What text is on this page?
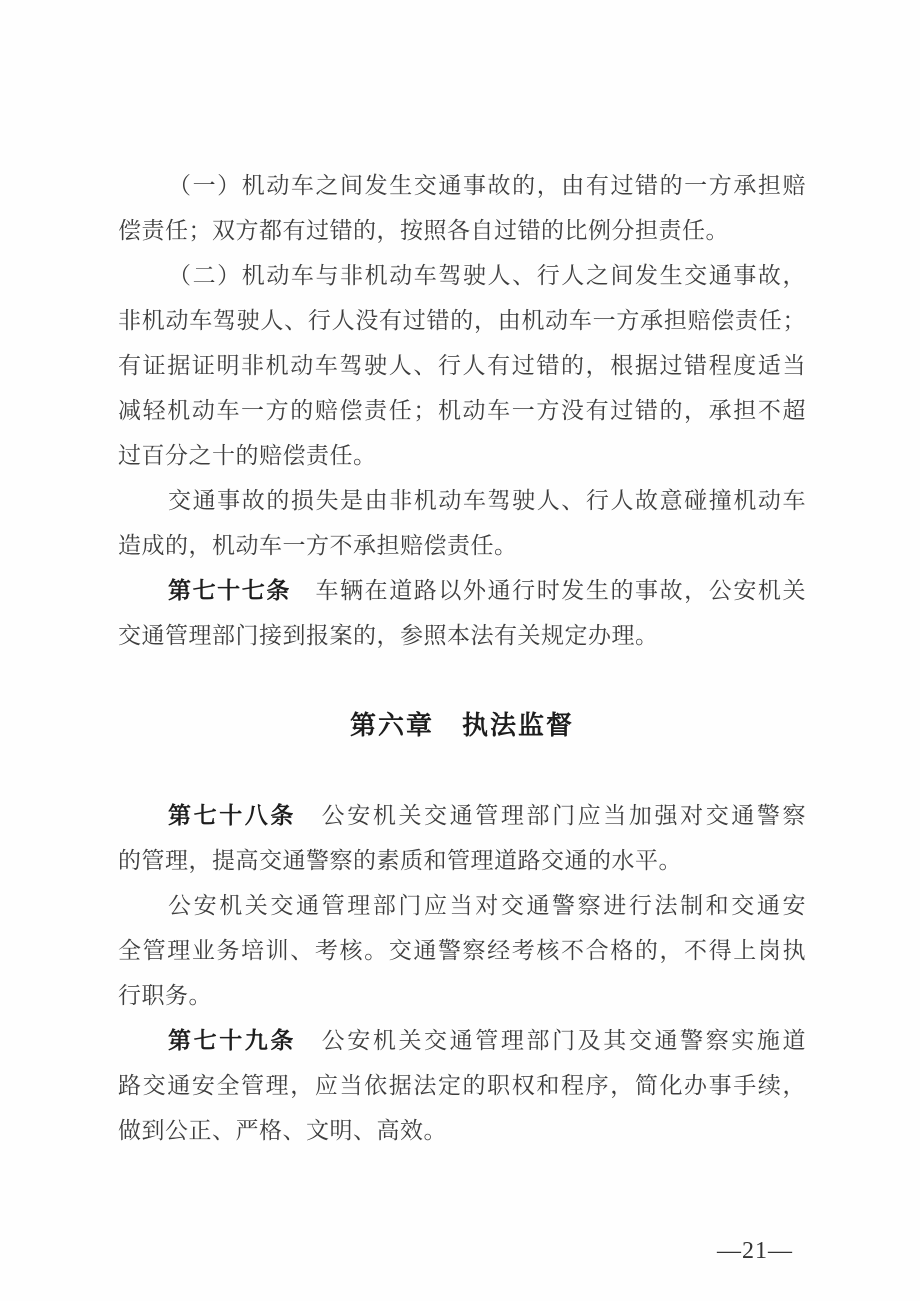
（一）机动车之间发生交通事故的，由有过错的一方承担赔
偿责任；双方都有过错的，按照各自过错的比例分担责任。
（二）机动车与非机动车驾驶人、行人之间发生交通事故，
非机动车驾驶人、行人没有过错的，由机动车一方承担赔偿责任；
有证据证明非机动车驾驶人、行人有过错的，根据过错程度适当
减轻机动车一方的赔偿责任；机动车一方没有过错的，承担不超
过百分之十的赔偿责任。
交通事故的损失是由非机动车驾驶人、行人故意碰撞机动车
造成的，机动车一方不承担赔偿责任。
第七十七条　车辆在道路以外通行时发生的事故，公安机关
交通管理部门接到报案的，参照本法有关规定办理。
第六章　执法监督
第七十八条　公安机关交通管理部门应当加强对交通警察
的管理，提高交通警察的素质和管理道路交通的水平。
公安机关交通管理部门应当对交通警察进行法制和交通安
全管理业务培训、考核。交通警察经考核不合格的，不得上岗执
行职务。
第七十九条　公安机关交通管理部门及其交通警察实施道
路交通安全管理，应当依据法定的职权和程序，简化办事手续，
做到公正、严格、文明、高效。
—21—
